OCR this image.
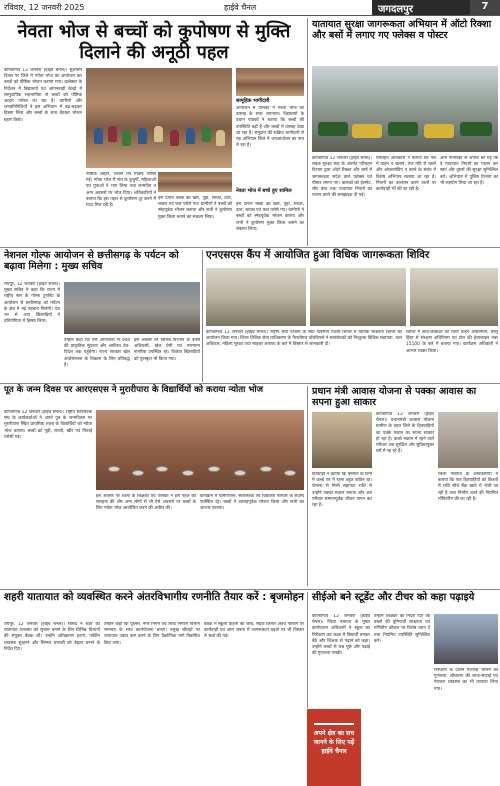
रविवार, 12 जनवरी 2025	हाईवे चैनल	जगदलपुर	7
नेवता भोज से बच्चों को कुपोषण से मुक्ति दिलाने की अनूठी पहल
कोण्डागांव 12 जनवरी (हाईवे चैनल)। सुशासन दिवस पर जिले में न्योता भोज का आयोजन कर बच्चों को पौष्टिक भोजन कराया गया। कलेक्टर के निर्देशन में विद्यालयों एवं आंगनबाड़ी केन्द्रों में सामुदायिक सहभागिता से बच्चों को पौष्टिक आहार परोसा जा रहा है। ग्रामीणों और जनप्रतिनिधियों ने इस अभियान में बढ़-चढ़कर हिस्सा लिया और बच्चों के साथ बैठकर भोजन ग्रहण किया।
पौष्टिक आहार, व्यंजन एवं मिठाई परोसी गई। न्योता भोज में गांव के बुजुर्गों, महिलाओं एवं युवाओं ने भाग लिया तथा जन्मदिन व अन्य अवसरों पर भोज दिया। अधिकारियों ने बताया कि इस पहल से कुपोषण दूर करने में मदद मिल रही है।
इस दौरान बच्चों को खीर, पूड़ी, सब्जी, दाल, चावल एवं फल परोसे गए। ग्रामीणों ने बच्चों को स्नेहपूर्वक भोजन कराया और सभी ने कुपोषण मुक्त जिला बनाने का संकल्प लिया।
सामूहिक भागीदारी
आयोजन में पालकों ने नेवता भोज को उत्साह के साथ अपनाया। विद्यालयों के प्रधान पाठकों ने बताया कि बच्चों की उपस्थिति बढ़ी है और बच्चों में उत्साह देखा जा रहा है। समुदाय की सक्रिय भागीदारी से यह अभियान जिले में जनआंदोलन का रूप ले रहा है।
नेवता भोज में बच्चे हुए शामिल
इस दौरान बच्चों को खीर, पूड़ी, सब्जी, दाल, चावल एवं फल परोसे गए। ग्रामीणों ने बच्चों को स्नेहपूर्वक भोजन कराया और सभी ने कुपोषण मुक्त जिला बनाने का संकल्प लिया।
यातायात सुरक्षा जागरूकता अभियान में ऑटो रिक्शा और बसों में लगाए गए फ्लेक्स व पोस्टर
कोण्डागांव 12 जनवरी (हाईवे चैनल)। सड़क सुरक्षा माह के अंतर्गत परिवहन विभाग द्वारा ऑटो रिक्शा और बसों में जागरूकता संदेश वाले फ्लेक्स एवं पोस्टर लगाए गए। चालकों को हेलमेट, सीट बेल्ट तथा यातायात नियमों का पालन करने की समझाइश दी गई।
परिवहन अधिकारी ने बताया कि नशे में वाहन न चलाने, तेज गति से बचने और ओवरलोडिंग न करने के संबंध में विशेष अभियान चलाया जा रहा है। नियमों का उल्लंघन करने वालों पर कार्यवाही भी की जा रही है।
आम नागरिकों से अपील की गई कि वे यातायात नियमों का पालन कर स्वयं और दूसरों की सुरक्षा सुनिश्चित करें। अभियान में पुलिस विभाग का भी सहयोग लिया जा रहा है।
नेशनल गोल्फ आयोजन से छत्तीसगढ़ के पर्यटन को बढ़ावा मिलेगा : मुख्य सचिव
रायपुर, 12 जनवरी (हाईवे चैनल)। मुख्य सचिव ने कहा कि राज्य में राष्ट्रीय स्तर के गोल्फ टूर्नामेंट के आयोजन से छत्तीसगढ़ को पर्यटन के क्षेत्र में नई पहचान मिलेगी। देश भर से आए खिलाड़ियों ने प्रतियोगिता में हिस्सा लिया।
उन्होंने कहा कि ऐसे आयोजनों से प्रदेश की प्राकृतिक सुंदरता और आतिथ्य देश-विदेश तक पहुंचेगा। राज्य सरकार खेल अधोसंरचना के विकास के लिए प्रतिबद्ध है।
इस अवसर पर विभिन्न विभागों के वरिष्ठ अधिकारी, खेल प्रेमी एवं गणमान्य नागरिक उपस्थित रहे। विजेता खिलाड़ियों को पुरस्कृत भी किया गया।
एनएसएस कैंप में आयोजित हुआ विधिक जागरूकता शिविर
कोण्डागांव 12 जनवरी (हाईवे चैनल)। राष्ट्रीय सेवा योजना के सात दिवसीय विशेष शिविर में विधिक साक्षरता शिविर का आयोजन किया गया। जिला विधिक सेवा प्राधिकरण के पैरालीगल वॉलंटियर्स ने स्वयंसेवकों को निःशुल्क विधिक सहायता, बाल अधिकार, महिला सुरक्षा तथा साइबर अपराध के बारे में विस्तार से जानकारी दी।
शिविर में छात्र-छात्राओं को मोटर वाहन अधिनियम, घरेलू हिंसा से संरक्षण अधिनियम एवं टोल फ्री हेल्पलाइन नंबर 15100 के बारे में बताया गया। कार्यक्रम अधिकारी ने आभार व्यक्त किया।
पूत के जन्म दिवस पर आरएसएस ने मुरारीपारा के विद्यार्थियों को कराया न्योता भोज
कोण्डागांव 12 जनवरी (हाईवे चैनल)। राष्ट्रीय स्वयंसेवक संघ के कार्यकर्ताओं ने अपने पुत्र के जन्मदिवस पर मुरारीपारा स्थित प्राथमिक शाला के विद्यार्थियों को न्योता भोज कराया। बच्चों को पूड़ी, सब्जी, खीर एवं मिठाई परोसी गई।
इस अवसर पर शाला के शिक्षकों एवं पालकों ने इस पहल की सराहना की और अन्य लोगों से भी ऐसे अवसरों पर बच्चों के लिए न्योता भोज आयोजित करने की अपील की।
कार्यक्रम में ग्रामीणजन, स्वयंसेवक एवं विद्यालय परिवार के सदस्य उपस्थित रहे। बच्चों ने उत्साहपूर्वक भोजन किया और सभी का आभार जताया।
प्रधान मंत्री आवास योजना से पक्का आवास का सपना हुआ साकार
कोण्डागांव 12 जनवरी (हाईवे चैनल)। प्रधानमंत्री आवास योजना ग्रामीण के तहत जिले के हितग्राहियों का पक्के मकान का सपना साकार हो रहा है। कच्चे मकान में रहने वाले परिवार अब सुरक्षित और सुविधायुक्त घरों में रह रहे हैं।
हितग्राही ने बताया कि बरसात के दिनों में कच्चे घर में रहना बहुत कठिन था। योजना से मिली सहायता राशि से उन्होंने पक्का मकान बनाया और अब परिवार सम्मानपूर्वक जीवन यापन कर रहा है।
जिला पंचायत के अधिकारियों ने बताया कि पात्र हितग्राहियों को किश्तों में राशि सीधे बैंक खाते में भेजी जा रही है तथा निर्माण कार्य की नियमित मॉनिटरिंग की जा रही है।
शहरी यातायात को व्यवस्थित करने अंतरविभागीय रणनीति तैयार करें : बृजमोहन
रायपुर, 12 जनवरी (हाईवे चैनल)। सांसद ने शहर की यातायात व्यवस्था को सुचारु बनाने के लिए विभिन्न विभागों की संयुक्त बैठक ली। उन्होंने अतिक्रमण हटाने, पार्किंग व्यवस्था सुधारने और सिग्नल प्रणाली को बेहतर बनाने के निर्देश दिए।
उन्होंने कहा कि पुलिस, नगर निगम एवं लोक निर्माण विभाग समन्वय के साथ कार्ययोजना बनाएं। प्रमुख चौराहों पर यातायात दबाव कम करने के लिए वैकल्पिक मार्ग विकसित किए जाएं।
बैठक में स्कूली वाहनों की जांच, सड़क किनारे अवैध पार्किंग पर कार्यवाही एवं आम जनता में जागरूकता बढ़ाने पर भी विस्तार से चर्चा की गई।
सीईओ बने स्टूडेंट और टीचर को कहा पढ़ाइये
कोण्डागांव 12 जनवरी (हाईवे चैनल)। जिला पंचायत के मुख्य कार्यपालन अधिकारी ने स्कूल का निरीक्षण कर कक्षा में विद्यार्थी बनकर बैठे और शिक्षक से पढ़ाने को कहा। उन्होंने बच्चों से प्रश्न पूछे और पढ़ाई की गुणवत्ता परखी।
उन्होंने शिक्षकों को निर्देश दिए कि बच्चों की बुनियादी साक्षरता एवं गणितीय कौशल पर विशेष ध्यान दें तथा नियमित उपस्थिति सुनिश्चित करें।
निरीक्षण के दौरान मध्यान्ह भोजन की गुणवत्ता, शौचालय की साफ-सफाई एवं पेयजल व्यवस्था का भी जायजा लिया गया।
अपने क्षेत्र का सच
जानने के लिए पढ़ें
हाईवे चैनल
